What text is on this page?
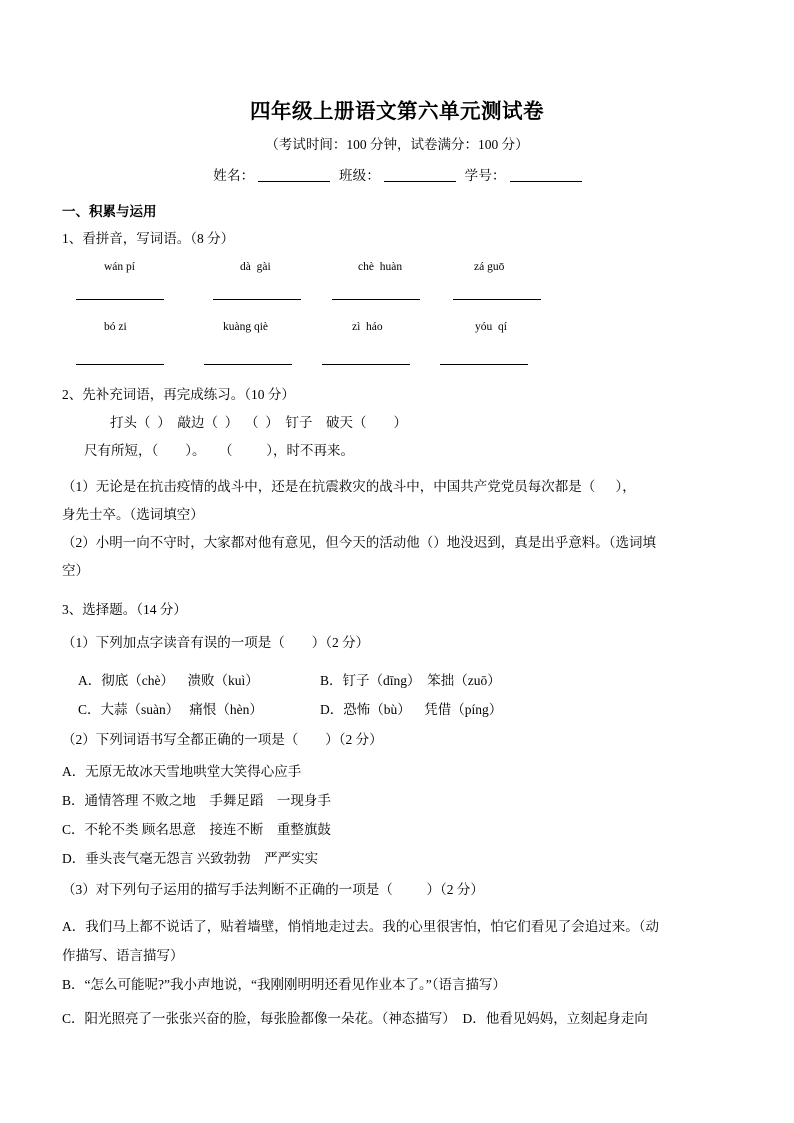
四年级上册语文第六单元测试卷
（考试时间：100 分钟，试卷满分：100 分）
姓名：	班级：	学号：
一、积累与运用
1、看拼音，写词语。（8 分）
wán pí	dà  gài	chè  huàn	zá guō
bó zi	kuàng qiè	zì  háo	yóu  qí
2、先补充词语，再完成练习。（10 分）
打头（  ）  敲边（  ）  （  ）  钉子    破天（        ）
尺有所短，（        ）。    （          ），时不再来。
（1）无论是在抗击疫情的战斗中，还是在抗震救灾的战斗中，中国共产党党员每次都是（      ），
身先士卒。（选词填空）
（2）小明一向不守时，大家都对他有意见，但今天的活动他（）地没迟到，真是出乎意料。（选词填
空）
3、选择题。（14 分）
（1）下列加点字读音有误的一项是（        ）（2 分）
A．彻底（chè）    溃败（kuì）	B．钉子（dīng）  笨拙（zuō）
C．大蒜（suàn）   痛恨（hèn）	D．恐怖（bù）    凭借（píng）
（2）下列词语书写全都正确的一项是（        ）（2 分）
A．无原无故冰天雪地哄堂大笑得心应手
B．通情答理 不败之地    手舞足蹈    一现身手
C．不轮不类 顾名思意    接连不断    重整旗鼓
D．垂头丧气毫无怨言 兴致勃勃    严严实实
（3）对下列句子运用的描写手法判断不正确的一项是（          ）（2 分）
A．我们马上都不说话了，贴着墙壁，悄悄地走过去。我的心里很害怕，怕它们看见了会追过来。（动
作描写、语言描写）
B．“怎么可能呢?”我小声地说，“我刚刚明明还看见作业本了。”（语言描写）
C．阳光照亮了一张张兴奋的脸，每张脸都像一朵花。（神态描写）  D．他看见妈妈，立刻起身走向
